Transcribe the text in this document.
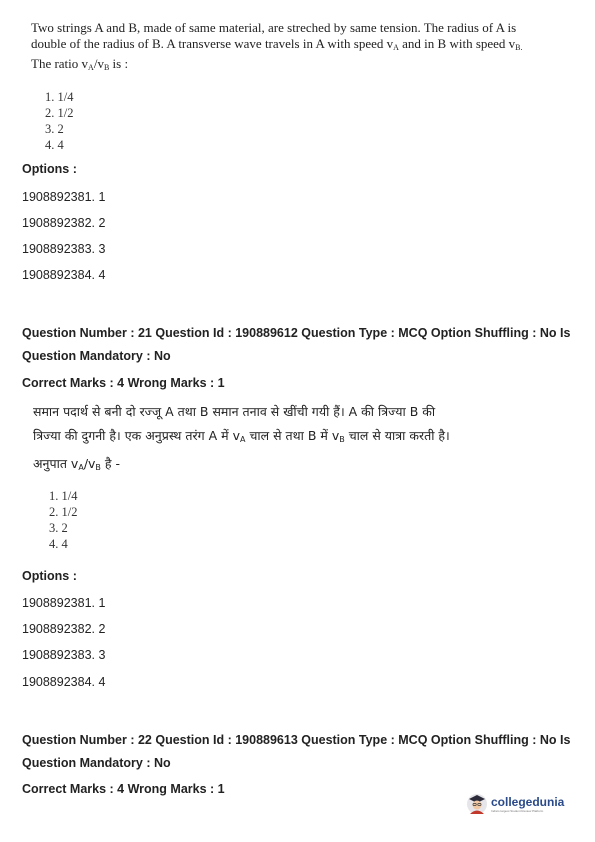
Two strings A and B, made of same material, are streched by same tension. The radius of A is
double of the radius of B. A transverse wave travels in A with speed $v_A$ and in B with speed $v_{B.}$
The ratio $v_A/v_B$ is :
1. 1/4
2. 1/2
3. 2
4. 4
Options :
1908892381. 1
1908892382. 2
1908892383. 3
1908892384. 4
Question Number : 21 Question Id : 190889612 Question Type : MCQ Option Shuffling : No Is
Question Mandatory : No
Correct Marks : 4 Wrong Marks : 1
समान पदार्थ से बनी दो रज्जू A तथा B समान तनाव से खींची गयी हैं। A की त्रिज्या B की
त्रिज्या की दुगनी है। एक अनुप्रस्थ तरंग A में $v_A$ चाल से तथा B में $v_B$ चाल से यात्रा करती है।
अनुपात $v_A/v_B$ है -
1. 1/4
2. 1/2
3. 2
4. 4
Options :
1908892381. 1
1908892382. 2
1908892383. 3
1908892384. 4
Question Number : 22 Question Id : 190889613 Question Type : MCQ Option Shuffling : No Is
Question Mandatory : No
Correct Marks : 4 Wrong Marks : 1
collegedunia
India's largest Student Review Platform
